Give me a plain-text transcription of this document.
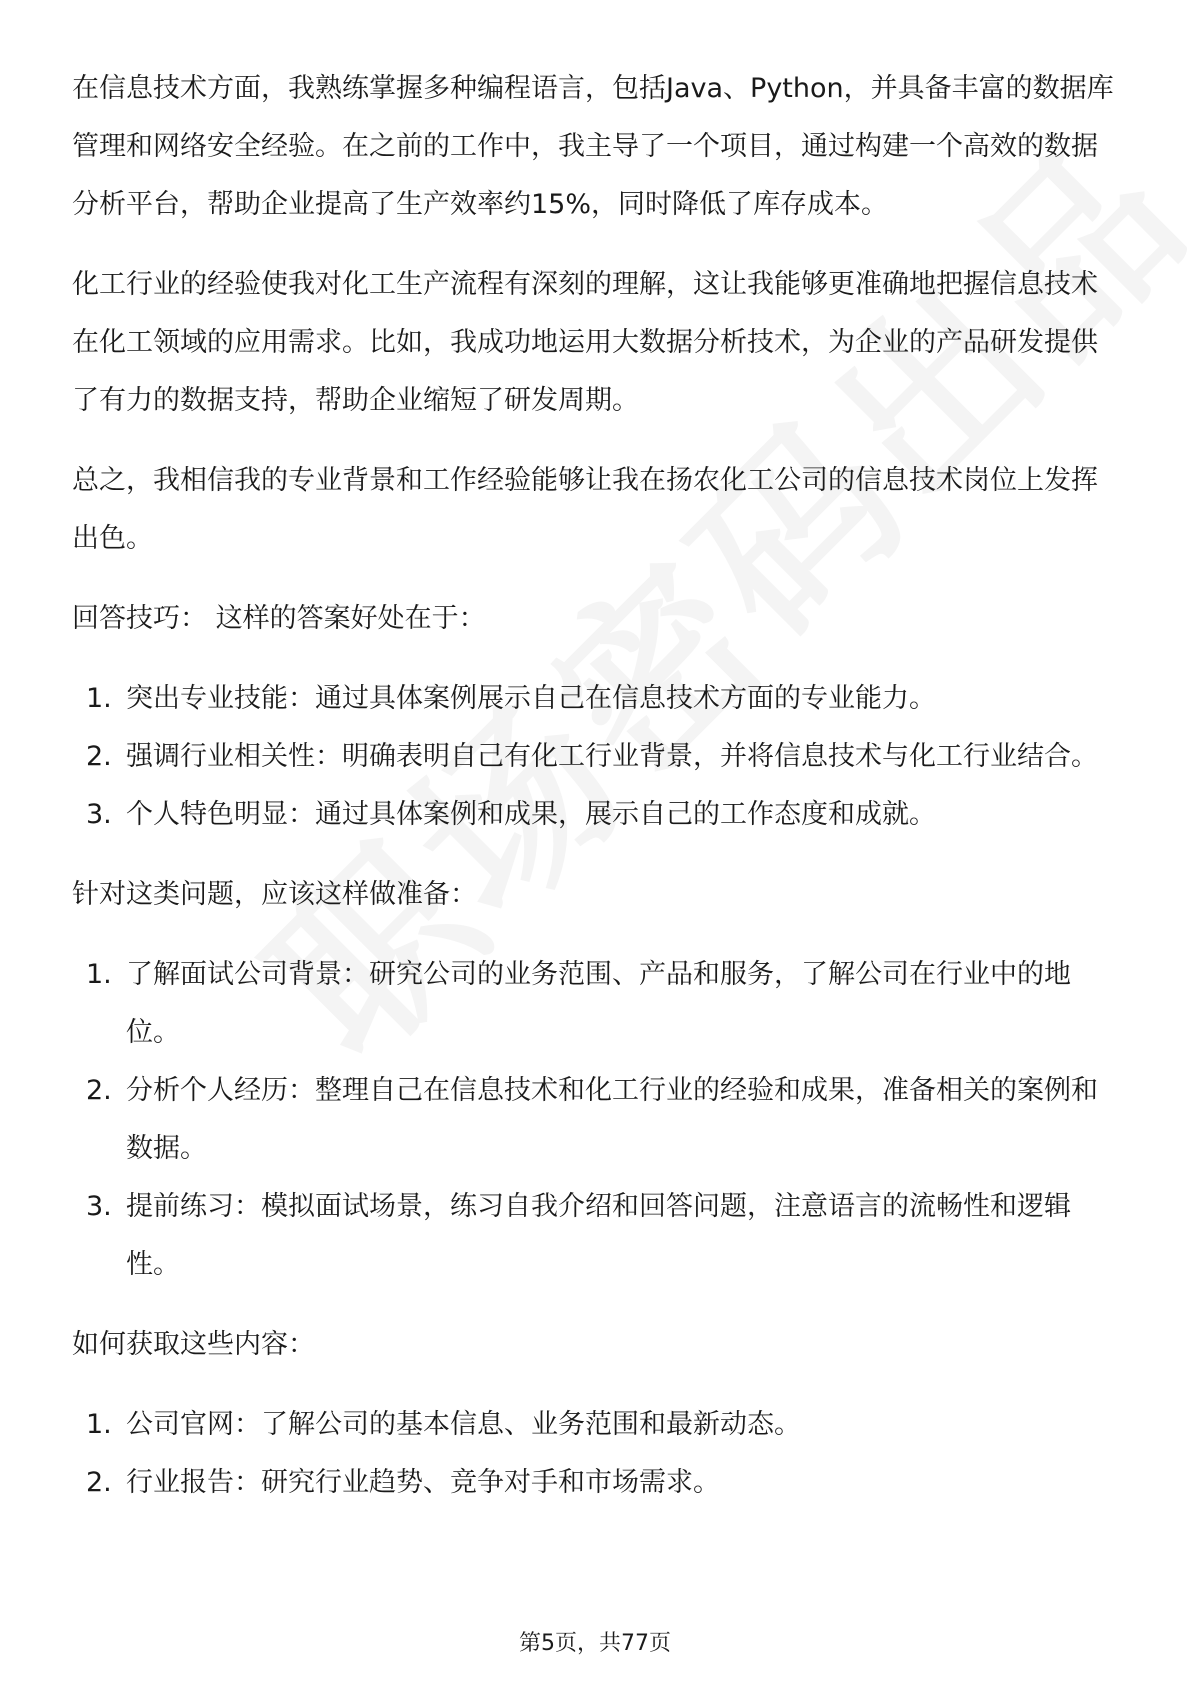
在信息技术方面，我熟练掌握多种编程语言，包括Java、Python，并具备丰富的数据库管理和网络安全经验。在之前的工作中，我主导了一个项目，通过构建一个高效的数据分析平台，帮助企业提高了生产效率约15%，同时降低了库存成本。

化工行业的经验使我对化工生产流程有深刻的理解，这让我能够更准确地把握信息技术在化工领域的应用需求。比如，我成功地运用大数据分析技术，为企业的产品研发提供了有力的数据支持，帮助企业缩短了研发周期。

总之，我相信我的专业背景和工作经验能够让我在扬农化工公司的信息技术岗位上发挥出色。

回答技巧： 这样的答案好处在于：

1. 突出专业技能：通过具体案例展示自己在信息技术方面的专业能力。
2. 强调行业相关性：明确表明自己有化工行业背景，并将信息技术与化工行业结合。
3. 个人特色明显：通过具体案例和成果，展示自己的工作态度和成就。

针对这类问题，应该这样做准备：

1. 了解面试公司背景：研究公司的业务范围、产品和服务，了解公司在行业中的地位。
2. 分析个人经历：整理自己在信息技术和化工行业的经验和成果，准备相关的案例和数据。
3. 提前练习：模拟面试场景，练习自我介绍和回答问题，注意语言的流畅性和逻辑性。

如何获取这些内容：

1. 公司官网：了解公司的基本信息、业务范围和最新动态。
2. 行业报告：研究行业趋势、竞争对手和市场需求。
第5页，共77页
